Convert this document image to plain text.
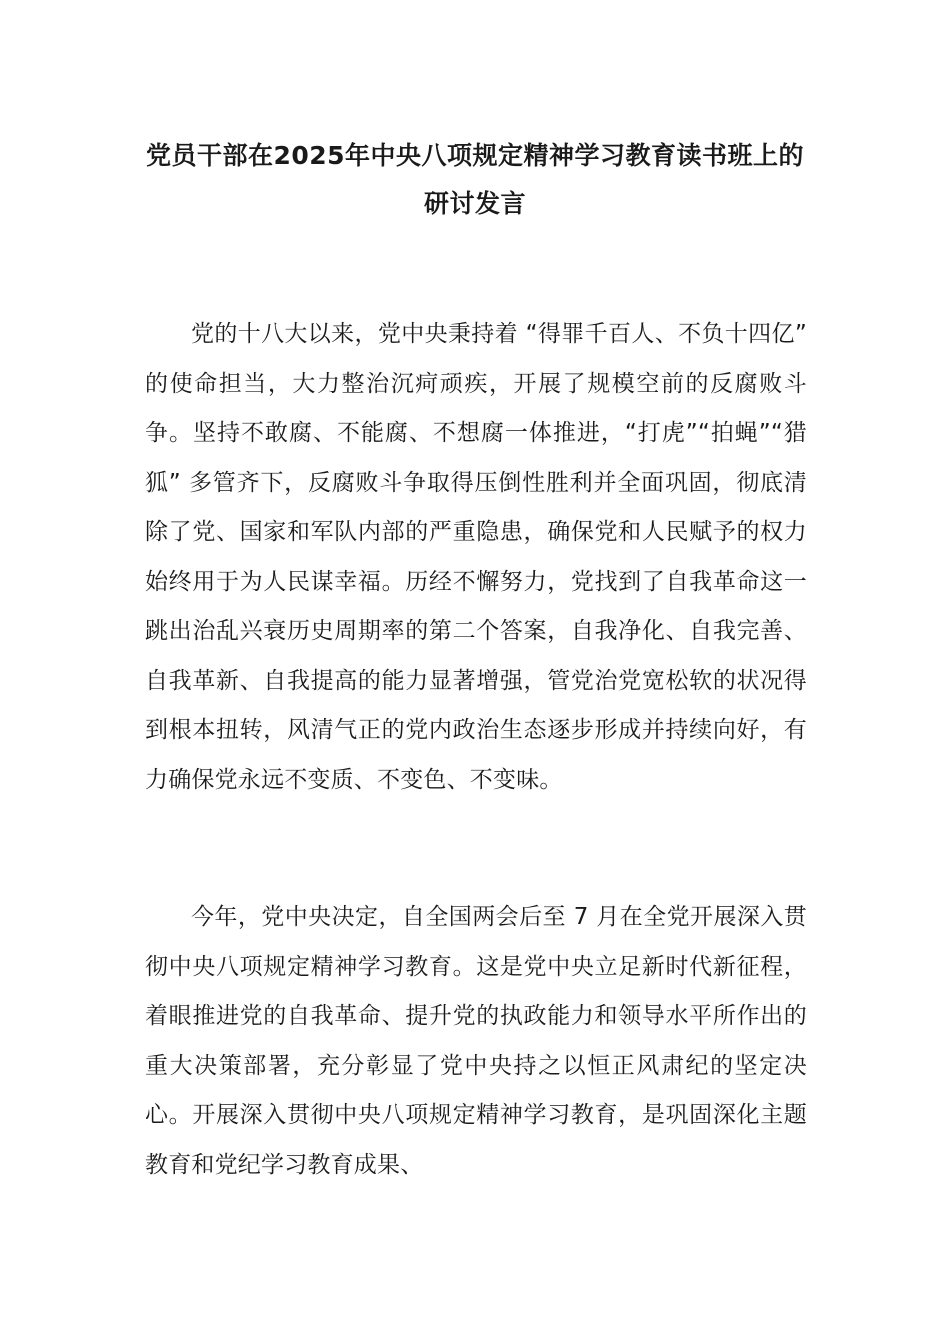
党员干部在2025年中央八项规定精神学习教育读书班上的研讨发言

党的十八大以来，党中央秉持着 “得罪千百人、不负十四亿” 的使命担当，大力整治沉疴顽疾，开展了规模空前的反腐败斗争。坚持不敢腐、不能腐、不想腐一体推进，“打虎”“拍蝇”“猎狐” 多管齐下，反腐败斗争取得压倒性胜利并全面巩固，彻底清除了党、国家和军队内部的严重隐患，确保党和人民赋予的权力始终用于为人民谋幸福。历经不懈努力，党找到了自我革命这一跳出治乱兴衰历史周期率的第二个答案，自我净化、自我完善、自我革新、自我提高的能力显著增强，管党治党宽松软的状况得到根本扭转，风清气正的党内政治生态逐步形成并持续向好，有力确保党永远不变质、不变色、不变味。

今年，党中央决定，自全国两会后至 7 月在全党开展深入贯彻中央八项规定精神学习教育。这是党中央立足新时代新征程，着眼推进党的自我革命、提升党的执政能力和领导水平所作出的重大决策部署，充分彰显了党中央持之以恒正风肃纪的坚定决心。开展深入贯彻中央八项规定精神学习教育，是巩固深化主题教育和党纪学习教育成果、
